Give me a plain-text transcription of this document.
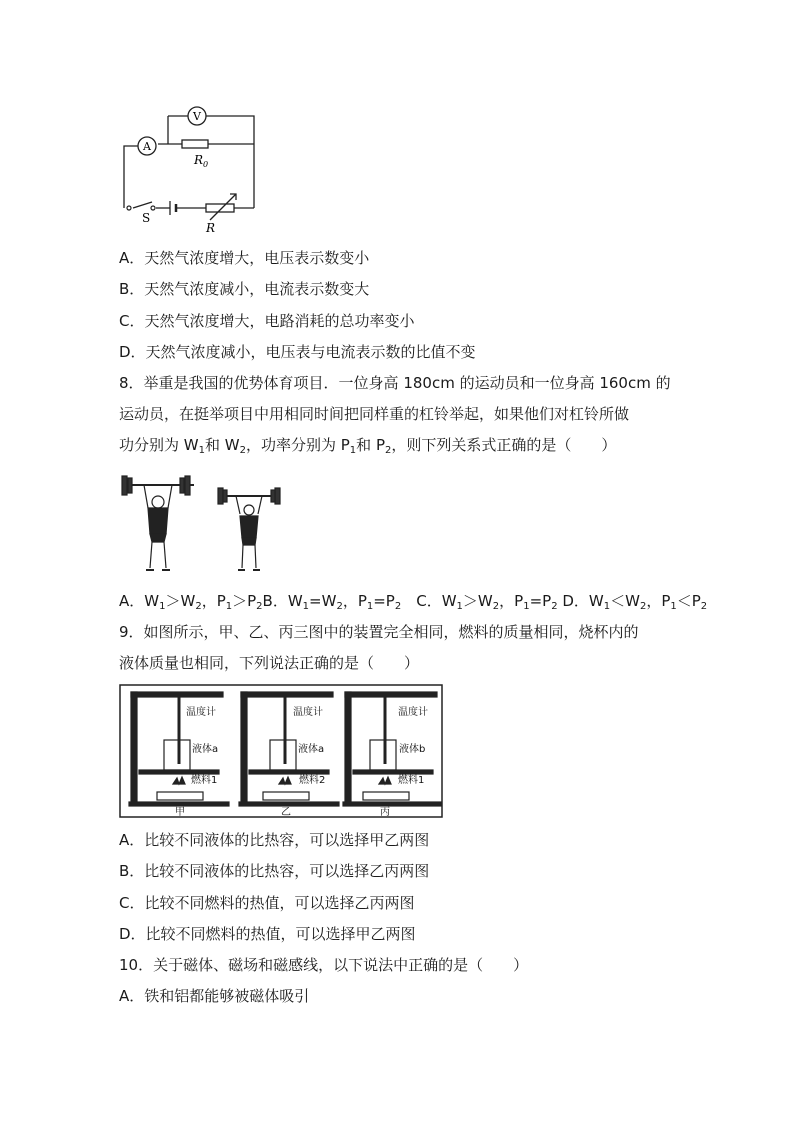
V
A
$R_0$
S
R
A．天然气浓度增大，电压表示数变小
B．天然气浓度减小，电流表示数变大
C．天然气浓度增大，电路消耗的总功率变小
D．天然气浓度减小，电压表与电流表示数的比值不变
8．举重是我国的优势体育项目．一位身高 180cm 的运动员和一位身高 160cm 的
运动员，在挺举项目中用相同时间把同样重的杠铃举起，如果他们对杠铃所做
功分别为 $W_1$和 $W_2$，功率分别为 $P_1$和 $P_2$，则下列关系式正确的是（　　）
A．$W_1>W_2$，$P_1>P_2B$．$W_1=W_2$，$P_1=P_2$　C．$W_1>W_2$，$P_1=P_2$ D．$W_1<W_2$，$P_1<P_2$
9．如图所示，甲、乙、丙三图中的装置完全相同，燃料的质量相同，烧杯内的
液体质量也相同，下列说法正确的是（　　）
温度计
液体a
燃料1
甲
温度计
液体a
燃料2
乙
温度计
液体b
燃料1
丙
A．比较不同液体的比热容，可以选择甲乙两图
B．比较不同液体的比热容，可以选择乙丙两图
C．比较不同燃料的热值，可以选择乙丙两图
D．比较不同燃料的热值，可以选择甲乙两图
10．关于磁体、磁场和磁感线，以下说法中正确的是（　　）
A．铁和铝都能够被磁体吸引
